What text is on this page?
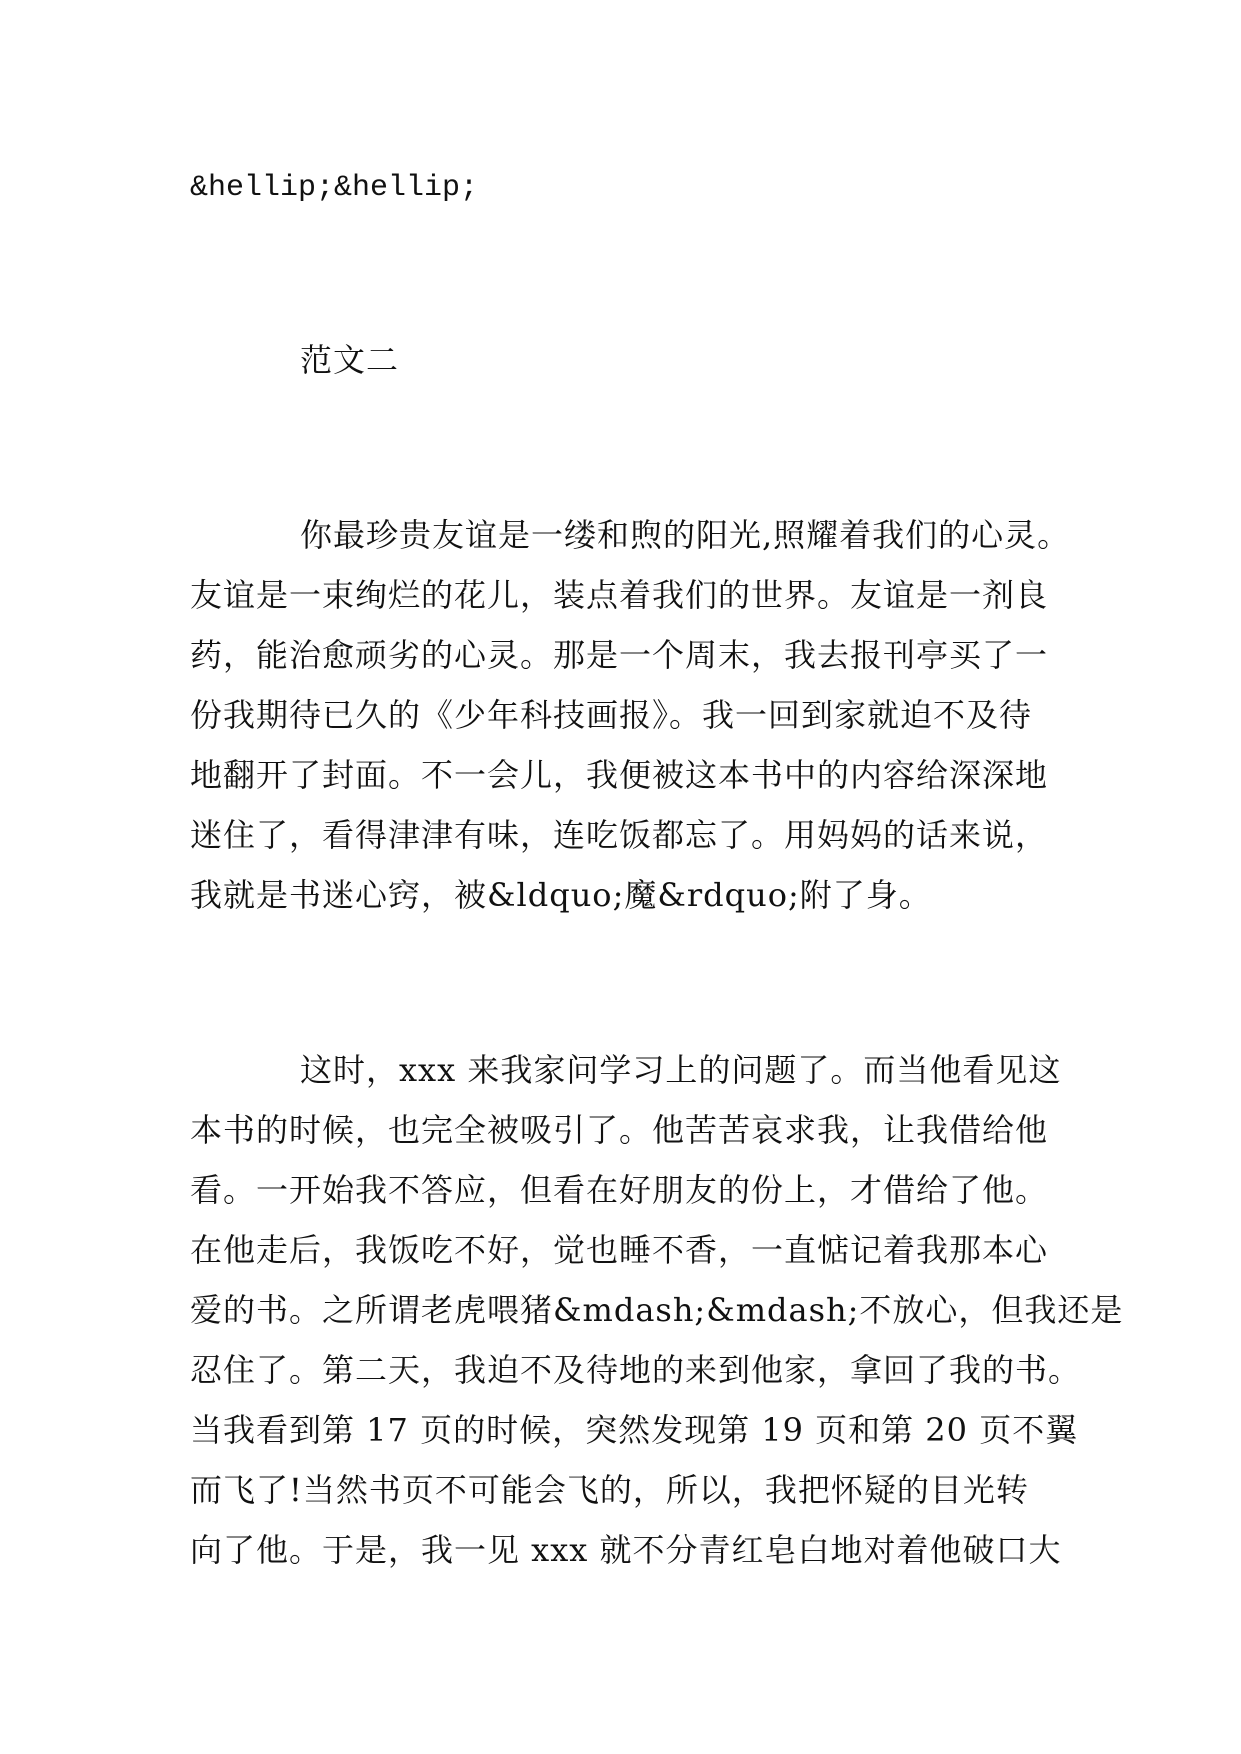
&hellip;&hellip;
范文二
你最珍贵友谊是一缕和煦的阳光,照耀着我们的心灵。
友谊是一束绚烂的花儿，装点着我们的世界。友谊是一剂良
药，能治愈顽劣的心灵。那是一个周末，我去报刊亭买了一
份我期待已久的《少年科技画报》。我一回到家就迫不及待
地翻开了封面。不一会儿，我便被这本书中的内容给深深地
迷住了，看得津津有味，连吃饭都忘了。用妈妈的话来说，
我就是书迷心窍，被&ldquo;魔&rdquo;附了身。
这时，xxx 来我家问学习上的问题了。而当他看见这
本书的时候，也完全被吸引了。他苦苦哀求我，让我借给他
看。一开始我不答应，但看在好朋友的份上，才借给了他。
在他走后，我饭吃不好，觉也睡不香，一直惦记着我那本心
爱的书。之所谓老虎喂猪&mdash;&mdash;不放心，但我还是
忍住了。第二天，我迫不及待地的来到他家，拿回了我的书。
当我看到第 17 页的时候，突然发现第 19 页和第 20 页不翼
而飞了!当然书页不可能会飞的，所以，我把怀疑的目光转
向了他。于是，我一见 xxx 就不分青红皂白地对着他破口大
